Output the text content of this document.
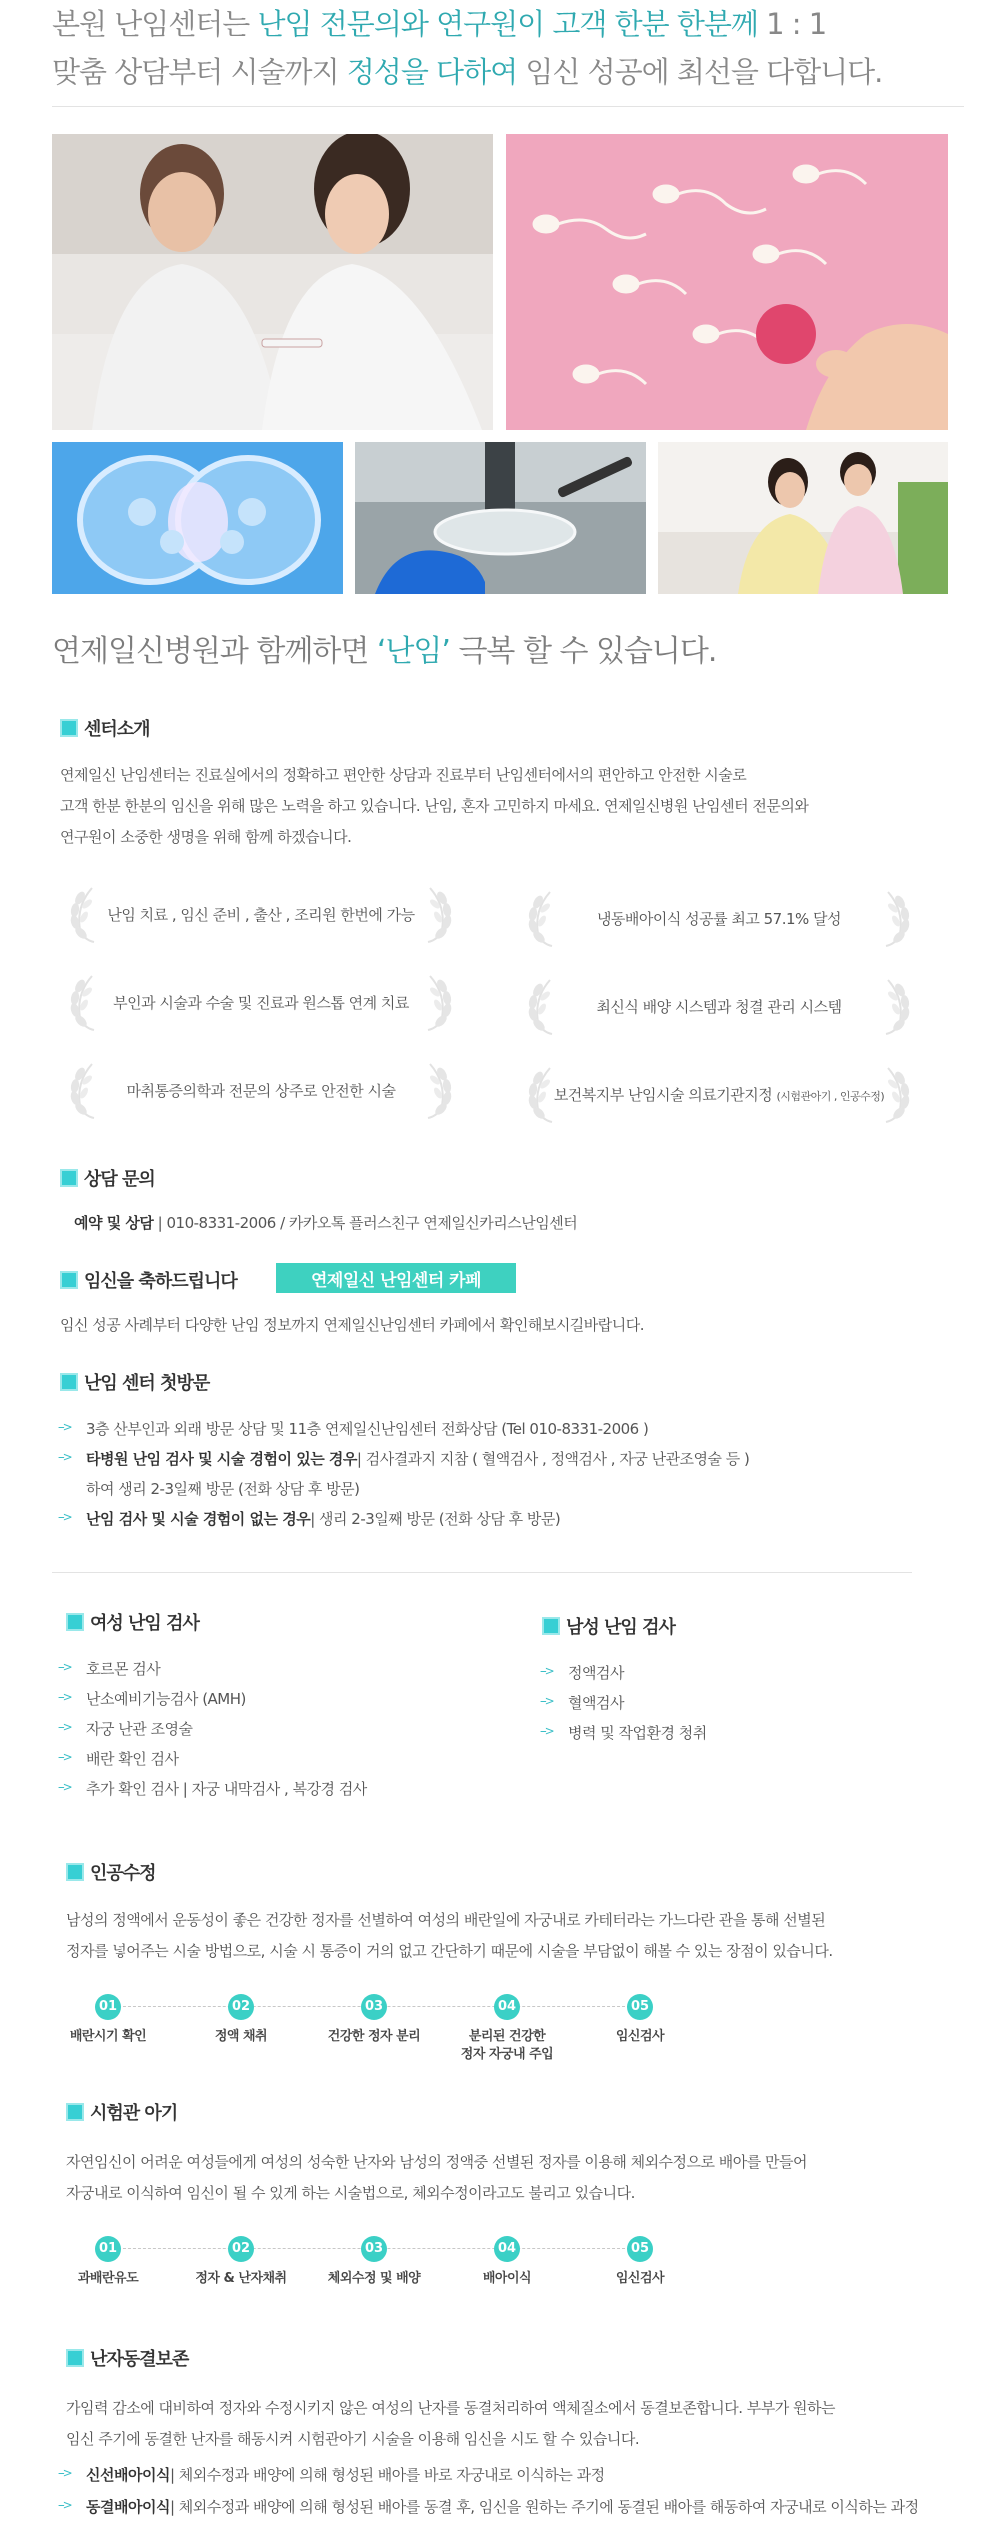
본원 난임센터는 난임 전문의와 연구원이 고객 한분 한분께 1 : 1

맞춤 상담부터 시술까지 정성을 다하여 임신 성공에 최선을 다합니다.

연제일신병원과 함께하면 ‘난임’ 극복 할 수 있습니다.
센터소개
연제일신 난임센터는 진료실에서의 정확하고 편안한 상담과 진료부터 난임센터에서의 편안하고 안전한 시술로
고객 한분 한분의 임신을 위해 많은 노력을 하고 있습니다. 난임, 혼자 고민하지 마세요. 연제일신병원 난임센터 전문의와
연구원이 소중한 생명을 위해 함께 하겠습니다.
난임 치료 , 임신 준비 , 출산 , 조리원 한번에 가능	냉동배아이식 성공률 최고 57.1% 달성
부인과 시술과 수술 및 진료과 원스톱 연계 치료	최신식 배양 시스템과 청결 관리 시스템
마취통증의학과 전문의 상주로 안전한 시술	보건복지부 난임시술 의료기관지정 (시험관아기 , 인공수정)
상담 문의
예약 및 상담 | 010-8331-2006 / 카카오톡 플러스친구 연제일신카리스난임센터
임신을 축하드립니다	연제일신 난임센터 카페
임신 성공 사례부터 다양한 난임 정보까지 연제일신난임센터 카페에서 확인해보시길바랍니다.
난임 센터 첫방문
-->	3층 산부인과 외래 방문 상담 및 11층 연제일신난임센터 전화상담 (Tel 010-8331-2006 )
-->	타병원 난임 검사 및 시술 경험이 있는 경우 | 검사결과지 지참 ( 혈액검사 , 정액검사 , 자궁 난관조영술 등 )
하여 생리 2-3일째 방문 (전화 상담 후 방문)
-->	난임 검사 및 시술 경험이 없는 경우 | 생리 2-3일째 방문 (전화 상담 후 방문)
여성 난임 검사
-->	호르몬 검사
-->	난소예비기능검사 (AMH)
-->	자궁 난관 조영술
-->	배란 확인 검사
-->	추가 확인 검사 | 자궁 내막검사 , 복강경 검사
남성 난임 검사
-->	정액검사
-->	혈액검사
-->	병력 및 작업환경 청취
인공수정
남성의 정액에서 운동성이 좋은 건강한 정자를 선별하여 여성의 배란일에 자궁내로 카테터라는 가느다란 관을 통해 선별된
정자를 넣어주는 시술 방법으로, 시술 시 통증이 거의 없고 간단하기 때문에 시술을 부담없이 해볼 수 있는 장점이 있습니다.
01
배란시기 확인
02
정액 채취
03
건강한 정자 분리
04
분리된 건강한
정자 자궁내 주입
05
임신검사
시험관 아기
자연임신이 어려운 여성들에게 여성의 성숙한 난자와 남성의 정액중 선별된 정자를 이용해 체외수정으로 배아를 만들어
자궁내로 이식하여 임신이 될 수 있게 하는 시술법으로, 체외수정이라고도 불리고 있습니다.
01
과배란유도
02
정자 & 난자채취
03
체외수정 및 배양
04
배아이식
05
임신검사
난자동결보존
가임력 감소에 대비하여 정자와 수정시키지 않은 여성의 난자를 동결처리하여 액체질소에서 동결보존합니다. 부부가 원하는
임신 주기에 동결한 난자를 해동시켜 시험관아기 시술을 이용해 임신을 시도 할 수 있습니다.
-->	신선배아이식 | 체외수정과 배양에 의해 형성된 배아를 바로 자궁내로 이식하는 과정
-->	동결배아이식 | 체외수정과 배양에 의해 형성된 배아를 동결 후, 임신을 원하는 주기에 동결된 배아를 해동하여 자궁내로 이식하는 과정
